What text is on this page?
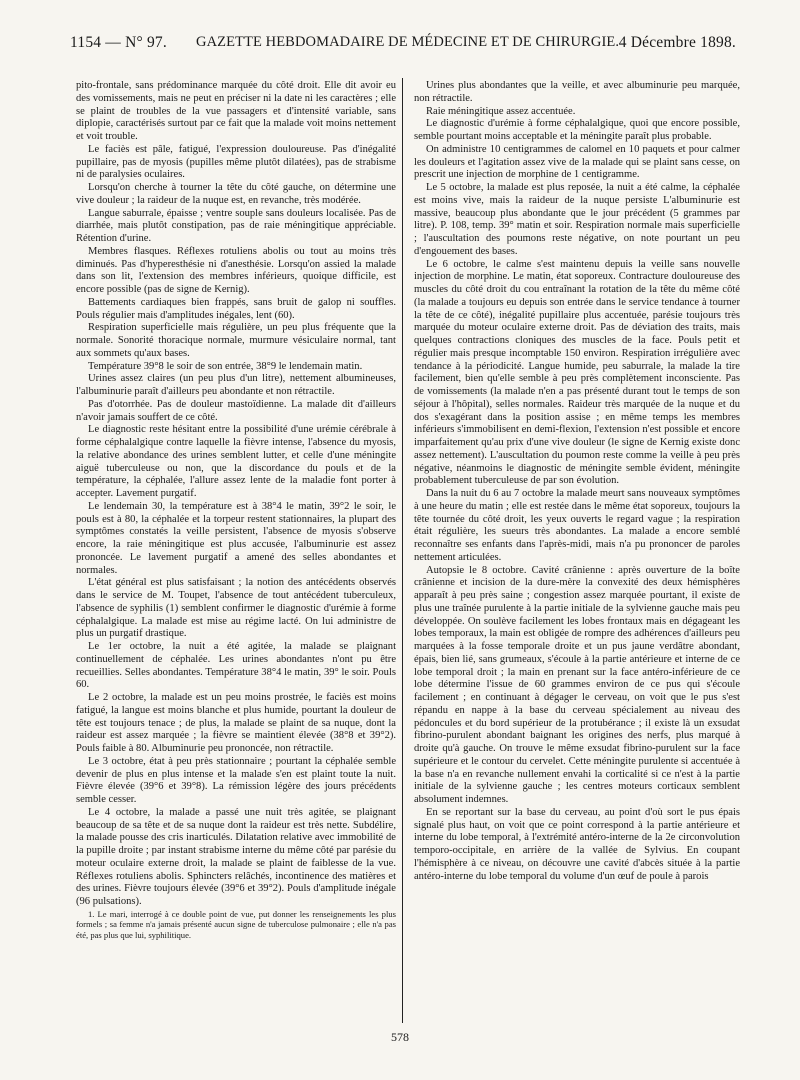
1154 — N° 97. GAZETTE HEBDOMADAIRE DE MÉDECINE ET DE CHIRURGIE. 4 Décembre 1898.

pito-frontale, sans prédominance marquée du côté droit. Elle dit avoir eu des vomissements, mais ne peut en préciser ni la date ni les caractères ; elle se plaint de troubles de la vue passagers et d'intensité variable, sans diplopie, caractérisés surtout par ce fait que la malade voit moins nettement et voit trouble.

Le faciès est pâle, fatigué, l'expression douloureuse. Pas d'inégalité pupillaire, pas de myosis (pupilles même plutôt dilatées), pas de strabisme ni de paralysies oculaires.

Lorsqu'on cherche à tourner la tête du côté gauche, on détermine une vive douleur ; la raideur de la nuque est, en revanche, très modérée.

Langue saburrale, épaisse ; ventre souple sans douleurs localisée. Pas de diarrhée, mais plutôt constipation, pas de raie méningitique appréciable. Rétention d'urine.

Membres flasques. Réflexes rotuliens abolis ou tout au moins très diminués. Pas d'hyperesthésie ni d'anesthésie. Lorsqu'on assied la malade dans son lit, l'extension des membres inférieurs, quoique difficile, est encore possible (pas de signe de Kernig).

Battements cardiaques bien frappés, sans bruit de galop ni souffles. Pouls régulier mais d'amplitudes inégales, lent (60).

Respiration superficielle mais régulière, un peu plus fréquente que la normale. Sonorité thoracique normale, murmure vésiculaire normal, tant aux sommets qu'aux bases.

Température 39°8 le soir de son entrée, 38°9 le lendemain matin.

Urines assez claires (un peu plus d'un litre), nettement albumineuses, l'albuminurie paraît d'ailleurs peu abondante et non rétractile.

Pas d'otorrhée. Pas de douleur mastoïdienne. La malade dit d'ailleurs n'avoir jamais souffert de ce côté.

Le diagnostic reste hésitant entre la possibilité d'une urémie cérébrale à forme céphalalgique contre laquelle la fièvre intense, l'absence du myosis, la relative abondance des urines semblent lutter, et celle d'une méningite aiguë tuberculeuse ou non, que la discordance du pouls et de la température, la céphalée, l'allure assez lente de la maladie font porter à accepter. Lavement purgatif.

Le lendemain 30, la température est à 38°4 le matin, 39°2 le soir, le pouls est à 80, la céphalée et la torpeur restent stationnaires, la plupart des symptômes constatés la veille persistent, l'absence de myosis s'observe encore, la raie méningitique est plus accusée, l'albuminurie est assez prononcée. Le lavement purgatif a amené des selles abondantes et normales.

L'état général est plus satisfaisant ; la notion des antécédents observés dans le service de M. Toupet, l'absence de tout antécédent tuberculeux, l'absence de syphilis (1) semblent confirmer le diagnostic d'urémie à forme céphalalgique. La malade est mise au régime lacté. On lui administre de plus un purgatif drastique.

Le 1er octobre, la nuit a été agitée, la malade se plaignant continuellement de céphalée. Les urines abondantes n'ont pu être recueillies. Selles abondantes. Température 38°4 le matin, 39° le soir. Pouls 60.

Le 2 octobre, la malade est un peu moins prostrée, le faciès est moins fatigué, la langue est moins blanche et plus humide, pourtant la douleur de tête est toujours tenace ; de plus, la malade se plaint de sa nuque, dont la raideur est assez marquée ; la fièvre se maintient élevée (38°8 et 39°2). Pouls faible à 80. Albuminurie peu prononcée, non rétractile.

Le 3 octobre, état à peu près stationnaire ; pourtant la céphalée semble devenir de plus en plus intense et la malade s'en est plaint toute la nuit. Fièvre élevée (39°6 et 39°8). La rémission légère des jours précédents semble cesser.

Le 4 octobre, la malade a passé une nuit très agitée, se plaignant beaucoup de sa tête et de sa nuque dont la raideur est très nette. Subdélire, la malade pousse des cris inarticulés. Dilatation relative avec immobilité de la pupille droite ; par instant strabisme interne du même côté par parésie du moteur oculaire externe droit, la malade se plaint de faiblesse de la vue. Réflexes rotuliens abolis. Sphincters relâchés, incontinence des matières et des urines. Fièvre toujours élevée (39°6 et 39°2). Pouls d'amplitude inégale (96 pulsations).

1. Le mari, interrogé à ce double point de vue, put donner les renseignements les plus formels ; sa femme n'a jamais présenté aucun signe de tuberculose pulmonaire ; elle n'a pas été, pas plus que lui, syphilitique.

Urines plus abondantes que la veille, et avec albuminurie peu marquée, non rétractile.

Raie méningitique assez accentuée.

Le diagnostic d'urémie à forme céphalalgique, quoi que encore possible, semble pourtant moins acceptable et la méningite paraît plus probable.

On administre 10 centigrammes de calomel en 10 paquets et pour calmer les douleurs et l'agitation assez vive de la malade qui se plaint sans cesse, on prescrit une injection de morphine de 1 centigramme.

Le 5 octobre, la malade est plus reposée, la nuit a été calme, la céphalée est moins vive, mais la raideur de la nuque persiste L'albuminurie est massive, beaucoup plus abondante que le jour précédent (5 grammes par litre). P. 108, temp. 39° matin et soir. Respiration normale mais superficielle ; l'auscultation des poumons reste négative, on note pourtant un peu d'engouement des bases.

Le 6 octobre, le calme s'est maintenu depuis la veille sans nouvelle injection de morphine. Le matin, état soporeux. Contracture douloureuse des muscles du côté droit du cou entraînant la rotation de la tête du même côté (la malade a toujours eu depuis son entrée dans le service tendance à tourner la tête de ce côté), inégalité pupillaire plus accentuée, parésie toujours très marquée du moteur oculaire externe droit. Pas de déviation des traits, mais quelques contractions cloniques des muscles de la face. Pouls petit et régulier mais presque incomptable 150 environ. Respiration irrégulière avec tendance à la périodicité. Langue humide, peu saburrale, la malade la tire facilement, bien qu'elle semble à peu près complètement inconsciente. Pas de vomissements (la malade n'en a pas présenté durant tout le temps de son séjour à l'hôpital), selles normales. Raideur très marquée de la nuque et du dos s'exagérant dans la position assise ; en même temps les membres inférieurs s'immobilisent en demi-flexion, l'extension n'est possible et encore imparfaitement qu'au prix d'une vive douleur (le signe de Kernig existe donc assez nettement). L'auscultation du poumon reste comme la veille à peu près négative, néanmoins le diagnostic de méningite semble évident, méningite probablement tuberculeuse de par son évolution.

Dans la nuit du 6 au 7 octobre la malade meurt sans nouveaux symptômes à une heure du matin ; elle est restée dans le même état soporeux, toujours la tête tournée du côté droit, les yeux ouverts le regard vague ; la respiration était régulière, les sueurs très abondantes. La malade a encore semblé reconnaître ses enfants dans l'après-midi, mais n'a pu prononcer de paroles nettement articulées.

Autopsie le 8 octobre. Cavité crânienne : après ouverture de la boîte crânienne et incision de la dure-mère la convexité des deux hémisphères apparaît à peu près saine ; congestion assez marquée pourtant, il existe de plus une traînée purulente à la partie initiale de la sylvienne gauche mais peu développée. On soulève facilement les lobes frontaux mais en dégageant les lobes temporaux, la main est obligée de rompre des adhérences d'ailleurs peu marquées à la fosse temporale droite et un pus jaune verdâtre abondant, épais, bien lié, sans grumeaux, s'écoule à la partie antérieure et interne de ce lobe temporal droit ; la main en prenant sur la face antéro-inférieure de ce lobe détermine l'issue de 60 grammes environ de ce pus qui s'écoule facilement ; en continuant à dégager le cerveau, on voit que le pus s'est répandu en nappe à la base du cerveau spécialement au niveau des pédoncules et du bord supérieur de la protubérance ; il existe là un exsudat fibrino-purulent abondant baignant les origines des nerfs, plus marqué à droite qu'à gauche. On trouve le même exsudat fibrino-purulent sur la face supérieure et le contour du cervelet. Cette méningite purulente si accentuée à la base n'a en revanche nullement envahi la corticalité si ce n'est à la partie initiale de la sylvienne gauche ; les centres moteurs corticaux semblent absolument indemnes.

En se reportant sur la base du cerveau, au point d'où sort le pus épais signalé plus haut, on voit que ce point correspond à la partie antérieure et interne du lobe temporal, à l'extrémité antéro-interne de la 2e circonvolution temporo-occipitale, en arrière de la vallée de Sylvius. En coupant l'hémisphère à ce niveau, on découvre une cavité d'abcès située à la partie antéro-interne du lobe temporal du volume d'un œuf de poule à parois

578
